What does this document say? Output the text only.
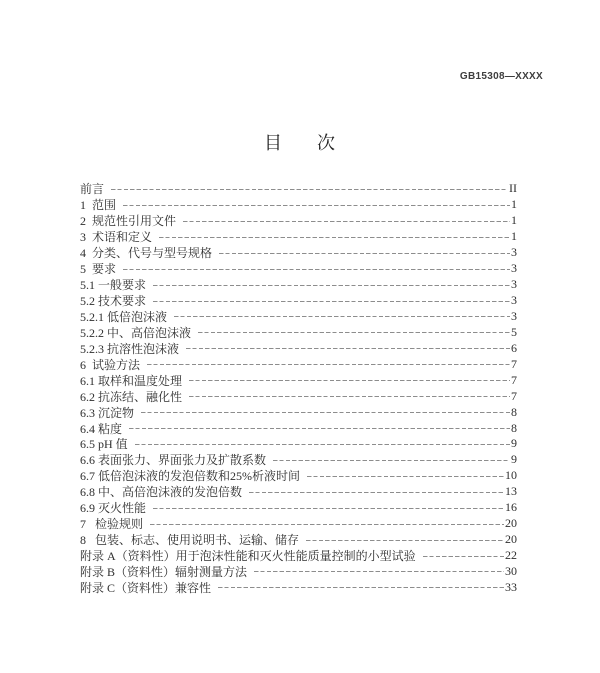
GB15308—XXXX
目 次
前言	II
1  范围	1
2  规范性引用文件	1
3  术语和定义	1
4  分类、代号与型号规格	3
5  要求	3
5.1 一般要求	3
5.2 技术要求	3
5.2.1 低倍泡沫液	3
5.2.2 中、高倍泡沫液	5
5.2.3 抗溶性泡沫液	6
6  试验方法	7
6.1 取样和温度处理	7
6.2 抗冻结、融化性	7
6.3 沉淀物	8
6.4 粘度	8
6.5 pH 值	9
6.6 表面张力、界面张力及扩散系数	9
6.7 低倍泡沫液的发泡倍数和25%析液时间	10
6.8 中、高倍泡沫液的发泡倍数	13
6.9 灭火性能	16
7   检验规则	20
8   包装、标志、使用说明书、运输、储存	20
附录 A（资料性）用于泡沫性能和灭火性能质量控制的小型试验	22
附录 B（资料性）辐射测量方法	30
附录 C（资料性）兼容性	33
